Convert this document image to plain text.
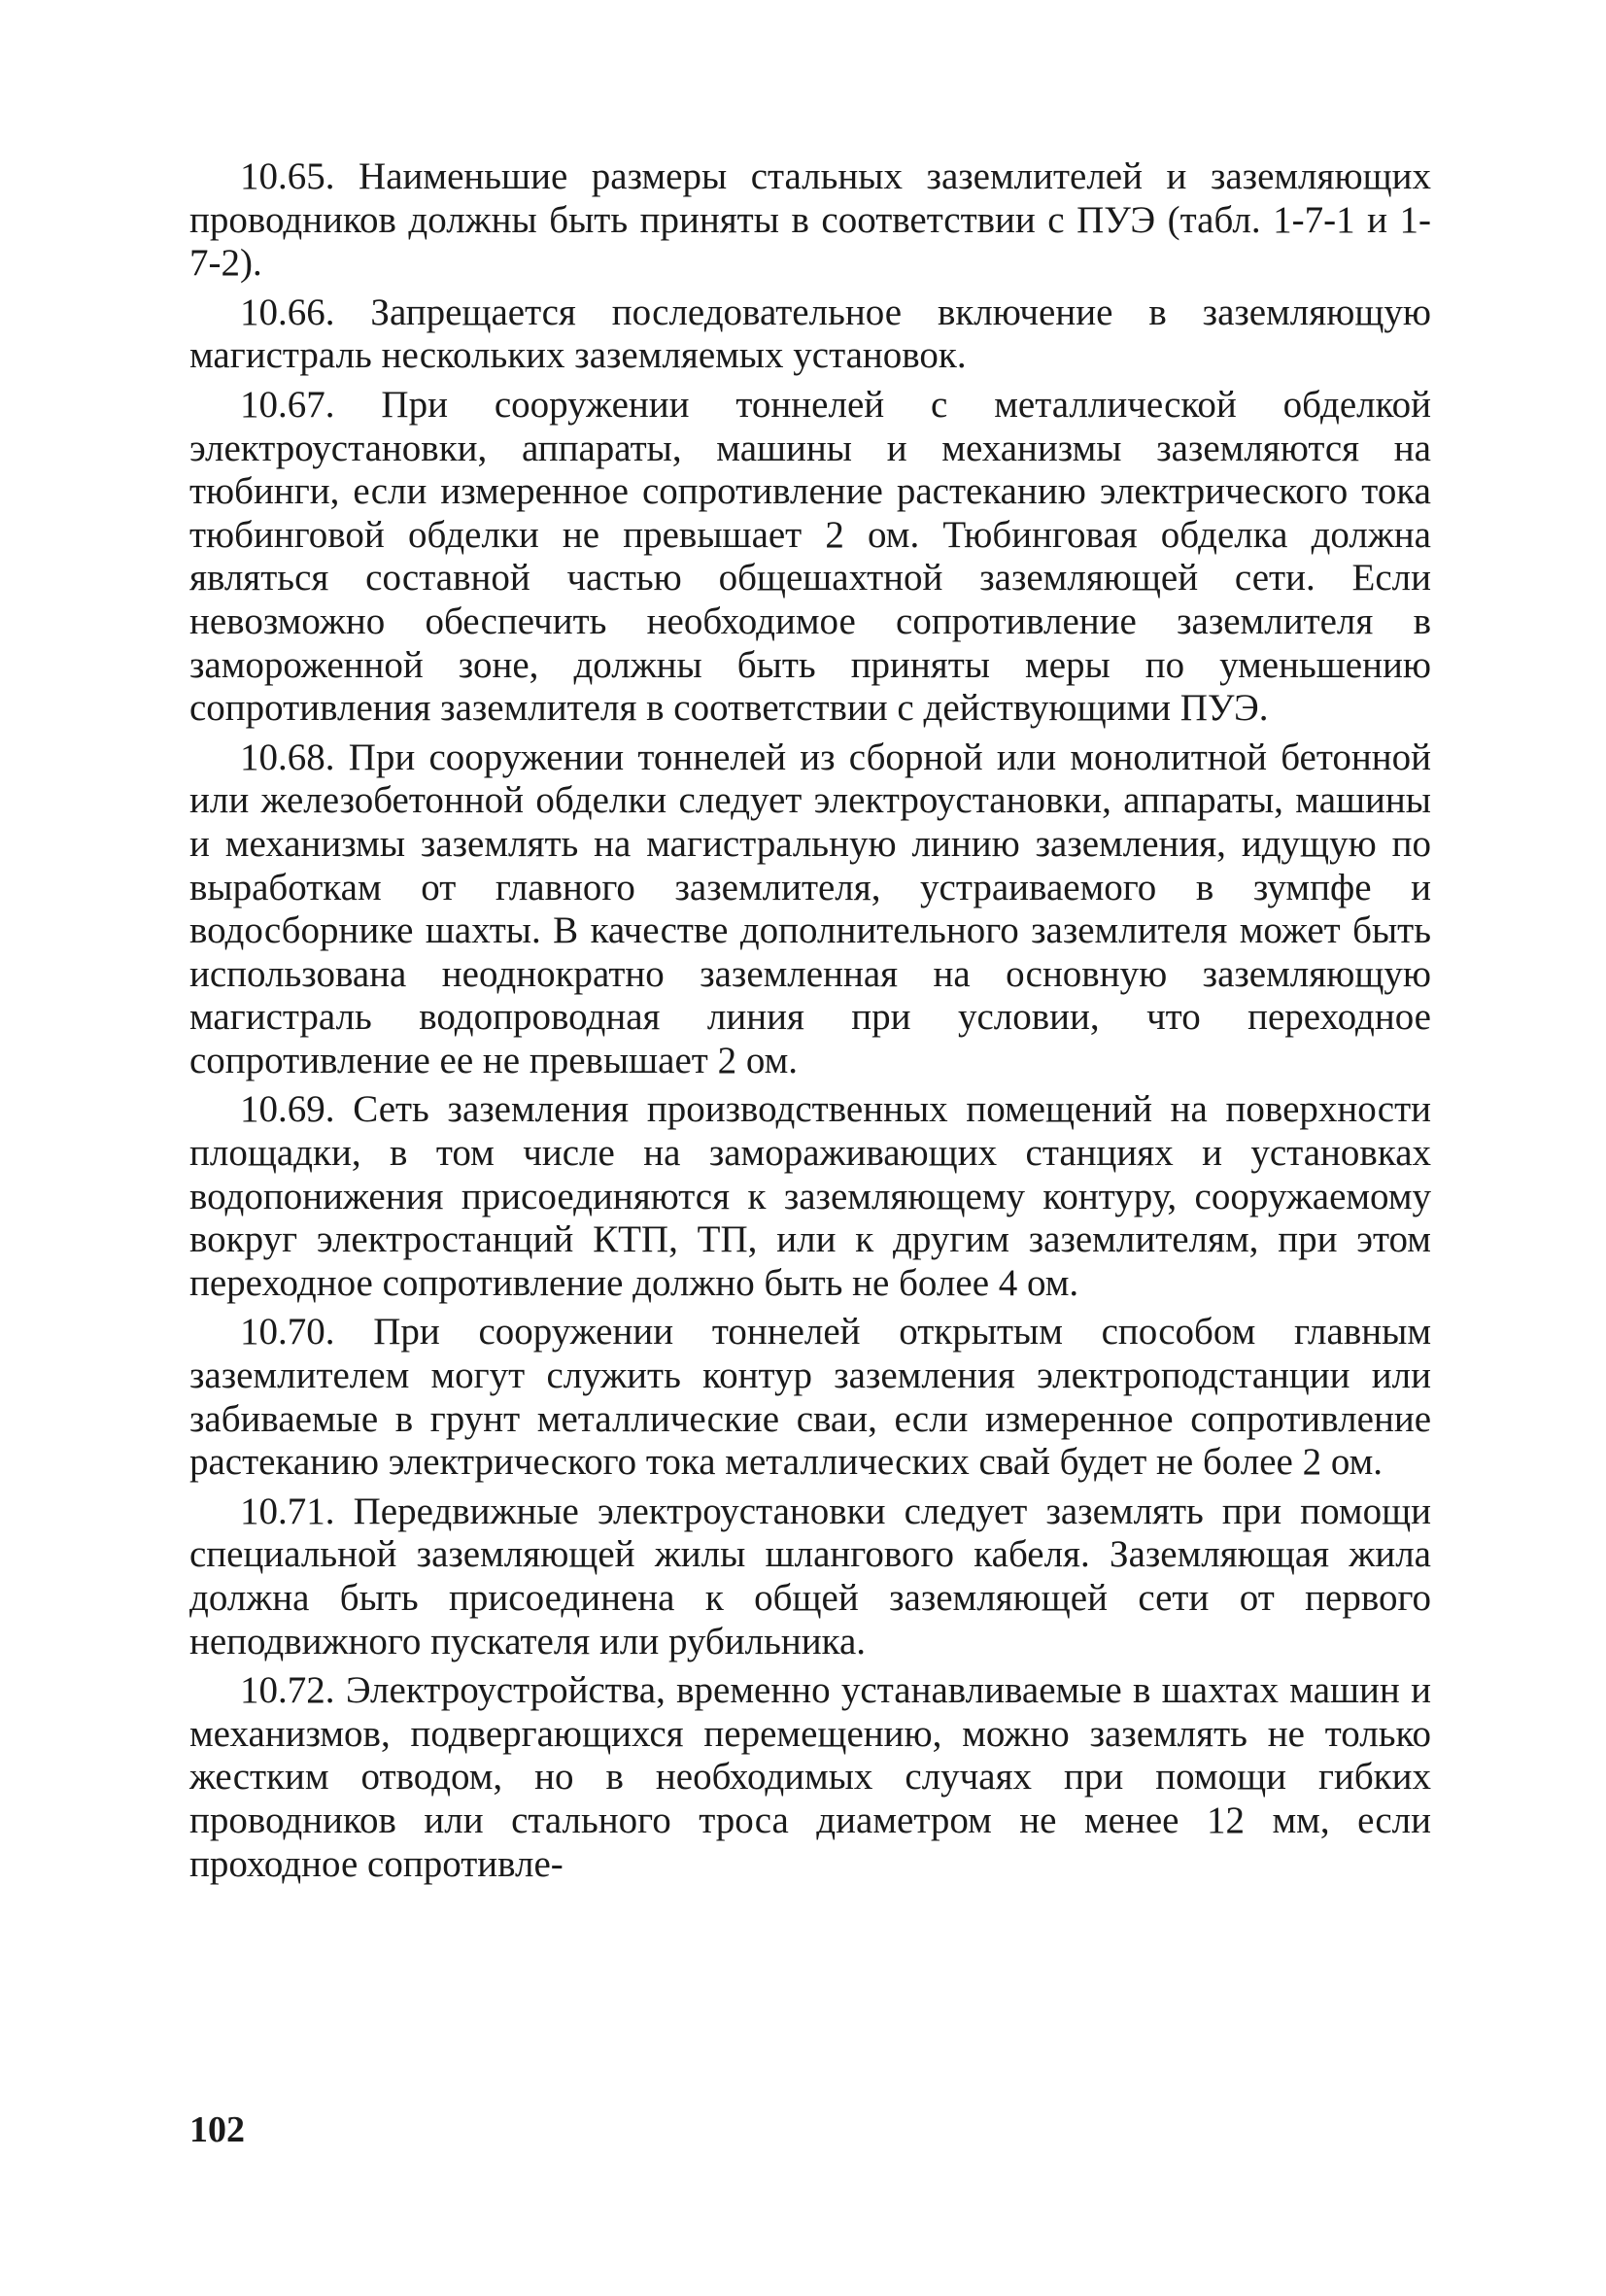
10.65. Наименьшие размеры стальных заземлителей и заземляющих проводников должны быть приняты в соответствии с ПУЭ (табл. 1-7-1 и 1-7-2).

10.66. Запрещается последовательное включение в заземляющую магистраль нескольких заземляемых установок.

10.67. При сооружении тоннелей с металлической обделкой электроустановки, аппараты, машины и механизмы заземляются на тюбинги, если измеренное сопротивление растеканию электрического тока тюбинговой обделки не превышает 2 ом. Тюбинговая обделка должна являться составной частью общешахтной заземляющей сети. Если невозможно обеспечить необходимое сопротивление заземлителя в замороженной зоне, должны быть приняты меры по уменьшению сопротивления заземлителя в соответствии с действующими ПУЭ.

10.68. При сооружении тоннелей из сборной или монолитной бетонной или железобетонной обделки следует электроустановки, аппараты, машины и механизмы заземлять на магистральную линию заземления, идущую по выработкам от главного заземлителя, устраиваемого в зумпфе и водосборнике шахты. В качестве дополнительного заземлителя может быть использована неоднократно заземленная на основную заземляющую магистраль водопроводная линия при условии, что переходное сопротивление ее не превышает 2 ом.

10.69. Сеть заземления производственных помещений на поверхности площадки, в том числе на замораживающих станциях и установках водопонижения присоединяются к заземляющему контуру, сооружаемому вокруг электростанций КТП, ТП, или к другим заземлителям, при этом переходное сопротивление должно быть не более 4 ом.

10.70. При сооружении тоннелей открытым способом главным заземлителем могут служить контур заземления электроподстанции или забиваемые в грунт металлические сваи, если измеренное сопротивление растеканию электрического тока металлических свай будет не более 2 ом.

10.71. Передвижные электроустановки следует заземлять при помощи специальной заземляющей жилы шлангового кабеля. Заземляющая жила должна быть присоединена к общей заземляющей сети от первого неподвижного пускателя или рубильника.

10.72. Электроустройства, временно устанавливаемые в шахтах машин и механизмов, подвергающихся перемещению, можно заземлять не только жестким отводом, но в необходимых случаях при помощи гибких проводников или стального троса диаметром не менее 12 мм, если проходное сопротивле-

102
